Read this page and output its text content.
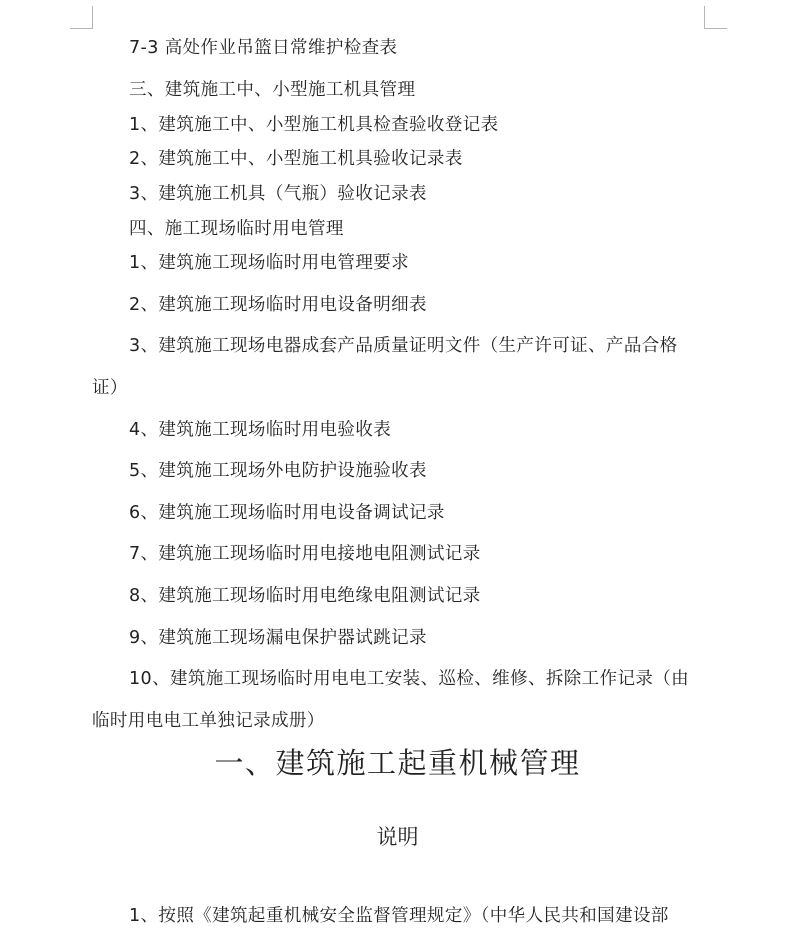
7-3 高处作业吊篮日常维护检查表
三、建筑施工中、小型施工机具管理
1、建筑施工中、小型施工机具检查验收登记表
2、建筑施工中、小型施工机具验收记录表
3、建筑施工机具（气瓶）验收记录表
四、施工现场临时用电管理
1、建筑施工现场临时用电管理要求
2、建筑施工现场临时用电设备明细表
3、建筑施工现场电器成套产品质量证明文件（生产许可证、产品合格
证）
4、建筑施工现场临时用电验收表
5、建筑施工现场外电防护设施验收表
6、建筑施工现场临时用电设备调试记录
7、建筑施工现场临时用电接地电阻测试记录
8、建筑施工现场临时用电绝缘电阻测试记录
9、建筑施工现场漏电保护器试跳记录
10、建筑施工现场临时用电电工安装、巡检、维修、拆除工作记录（由
临时用电电工单独记录成册）
一、建筑施工起重机械管理
说明
1、按照《建筑起重机械安全监督管理规定》（中华人民共和国建设部
